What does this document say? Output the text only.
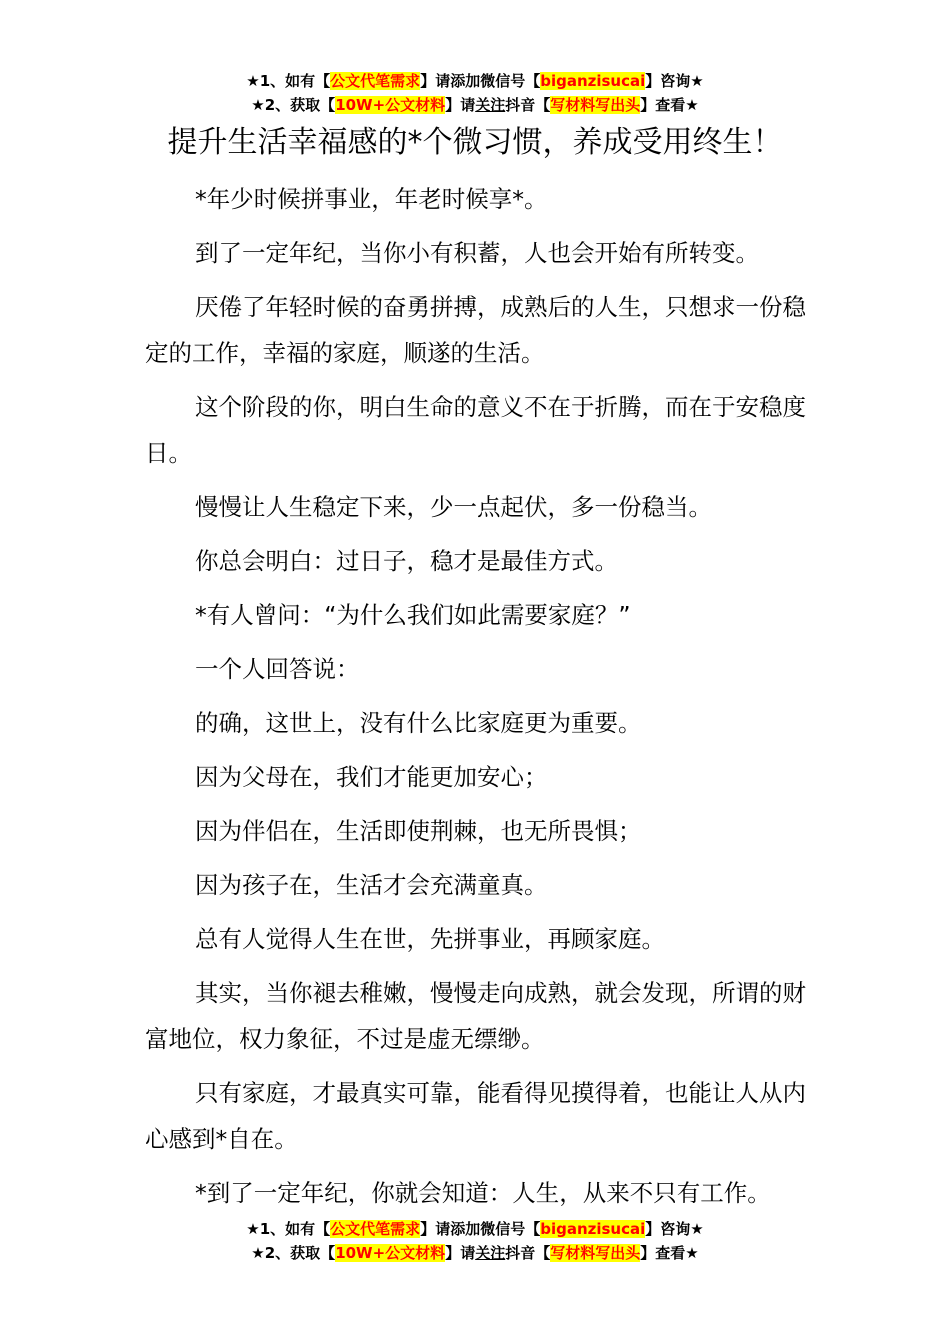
★1、如有【公文代笔需求】请添加微信号【biganzisucai】咨询★
★2、获取【10W+公文材料】请关注抖音【写材料写出头】查看★
提升生活幸福感的*个微习惯，养成受用终生！

*年少时候拼事业，年老时候享*。

到了一定年纪，当你小有积蓄，人也会开始有所转变。

厌倦了年轻时候的奋勇拼搏，成熟后的人生，只想求一份稳定的工作，幸福的家庭，顺遂的生活。

这个阶段的你，明白生命的意义不在于折腾，而在于安稳度日。

慢慢让人生稳定下来，少一点起伏，多一份稳当。

你总会明白：过日子，稳才是最佳方式。

*有人曾问：“为什么我们如此需要家庭？”

一个人回答说：

的确，这世上，没有什么比家庭更为重要。

因为父母在，我们才能更加安心；

因为伴侣在，生活即使荆棘，也无所畏惧；

因为孩子在，生活才会充满童真。

总有人觉得人生在世，先拼事业，再顾家庭。

其实，当你褪去稚嫩，慢慢走向成熟，就会发现，所谓的财富地位，权力象征，不过是虚无缥缈。

只有家庭，才最真实可靠，能看得见摸得着，也能让人从内心感到*自在。

*到了一定年纪，你就会知道：人生，从来不只有工作。

★1、如有【公文代笔需求】请添加微信号【biganzisucai】咨询★
★2、获取【10W+公文材料】请关注抖音【写材料写出头】查看★
